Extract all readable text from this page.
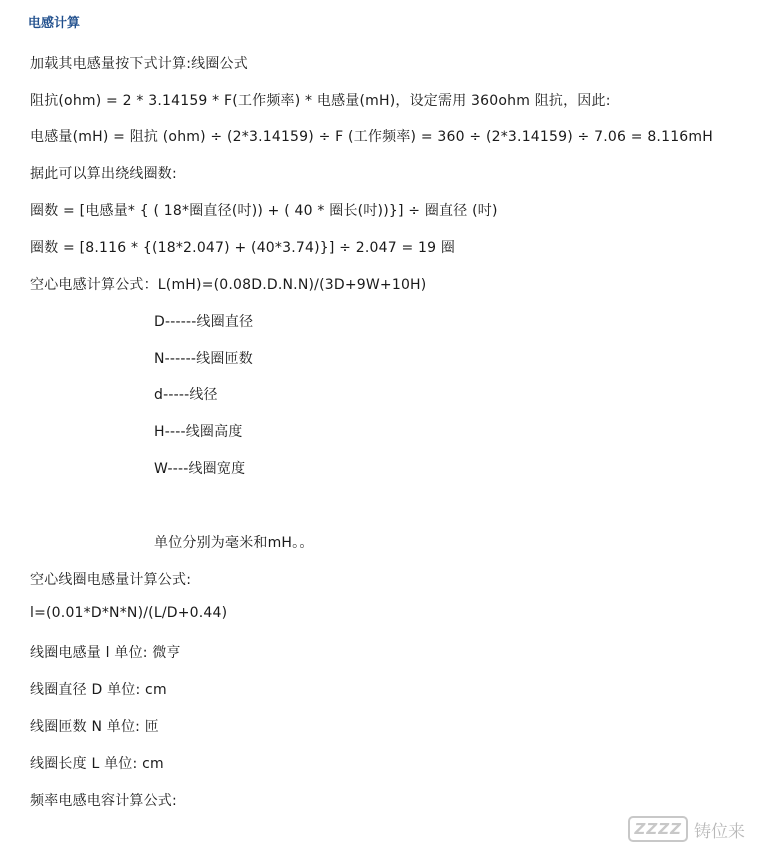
电感计算
加载其电感量按下式计算:线圈公式
阻抗(ohm) = 2 * 3.14159 * F(工作频率) * 电感量(mH)，设定需用 360ohm 阻抗，因此:
电感量(mH) = 阻抗 (ohm) ÷ (2*3.14159) ÷ F (工作频率) = 360 ÷ (2*3.14159) ÷ 7.06 = 8.116mH
据此可以算出绕线圈数:
圈数 = [电感量* { ( 18*圈直径(吋)) + ( 40 * 圈长(吋))}] ÷ 圈直径 (吋)
圈数 = [8.116 * {(18*2.047) + (40*3.74)}] ÷ 2.047 = 19 圈
空心电感计算公式：L(mH)=(0.08D.D.N.N)/(3D+9W+10H)
D------线圈直径
N------线圈匝数
d-----线径
H----线圈高度
W----线圈宽度
单位分别为毫米和mH。。
空心线圈电感量计算公式:
l=(0.01*D*N*N)/(L/D+0.44)
线圈电感量 l 单位: 微亨
线圈直径 D 单位: cm
线圈匝数 N 单位: 匝
线圈长度 L 单位: cm
频率电感电容计算公式:
ZZZZ 铸位来
